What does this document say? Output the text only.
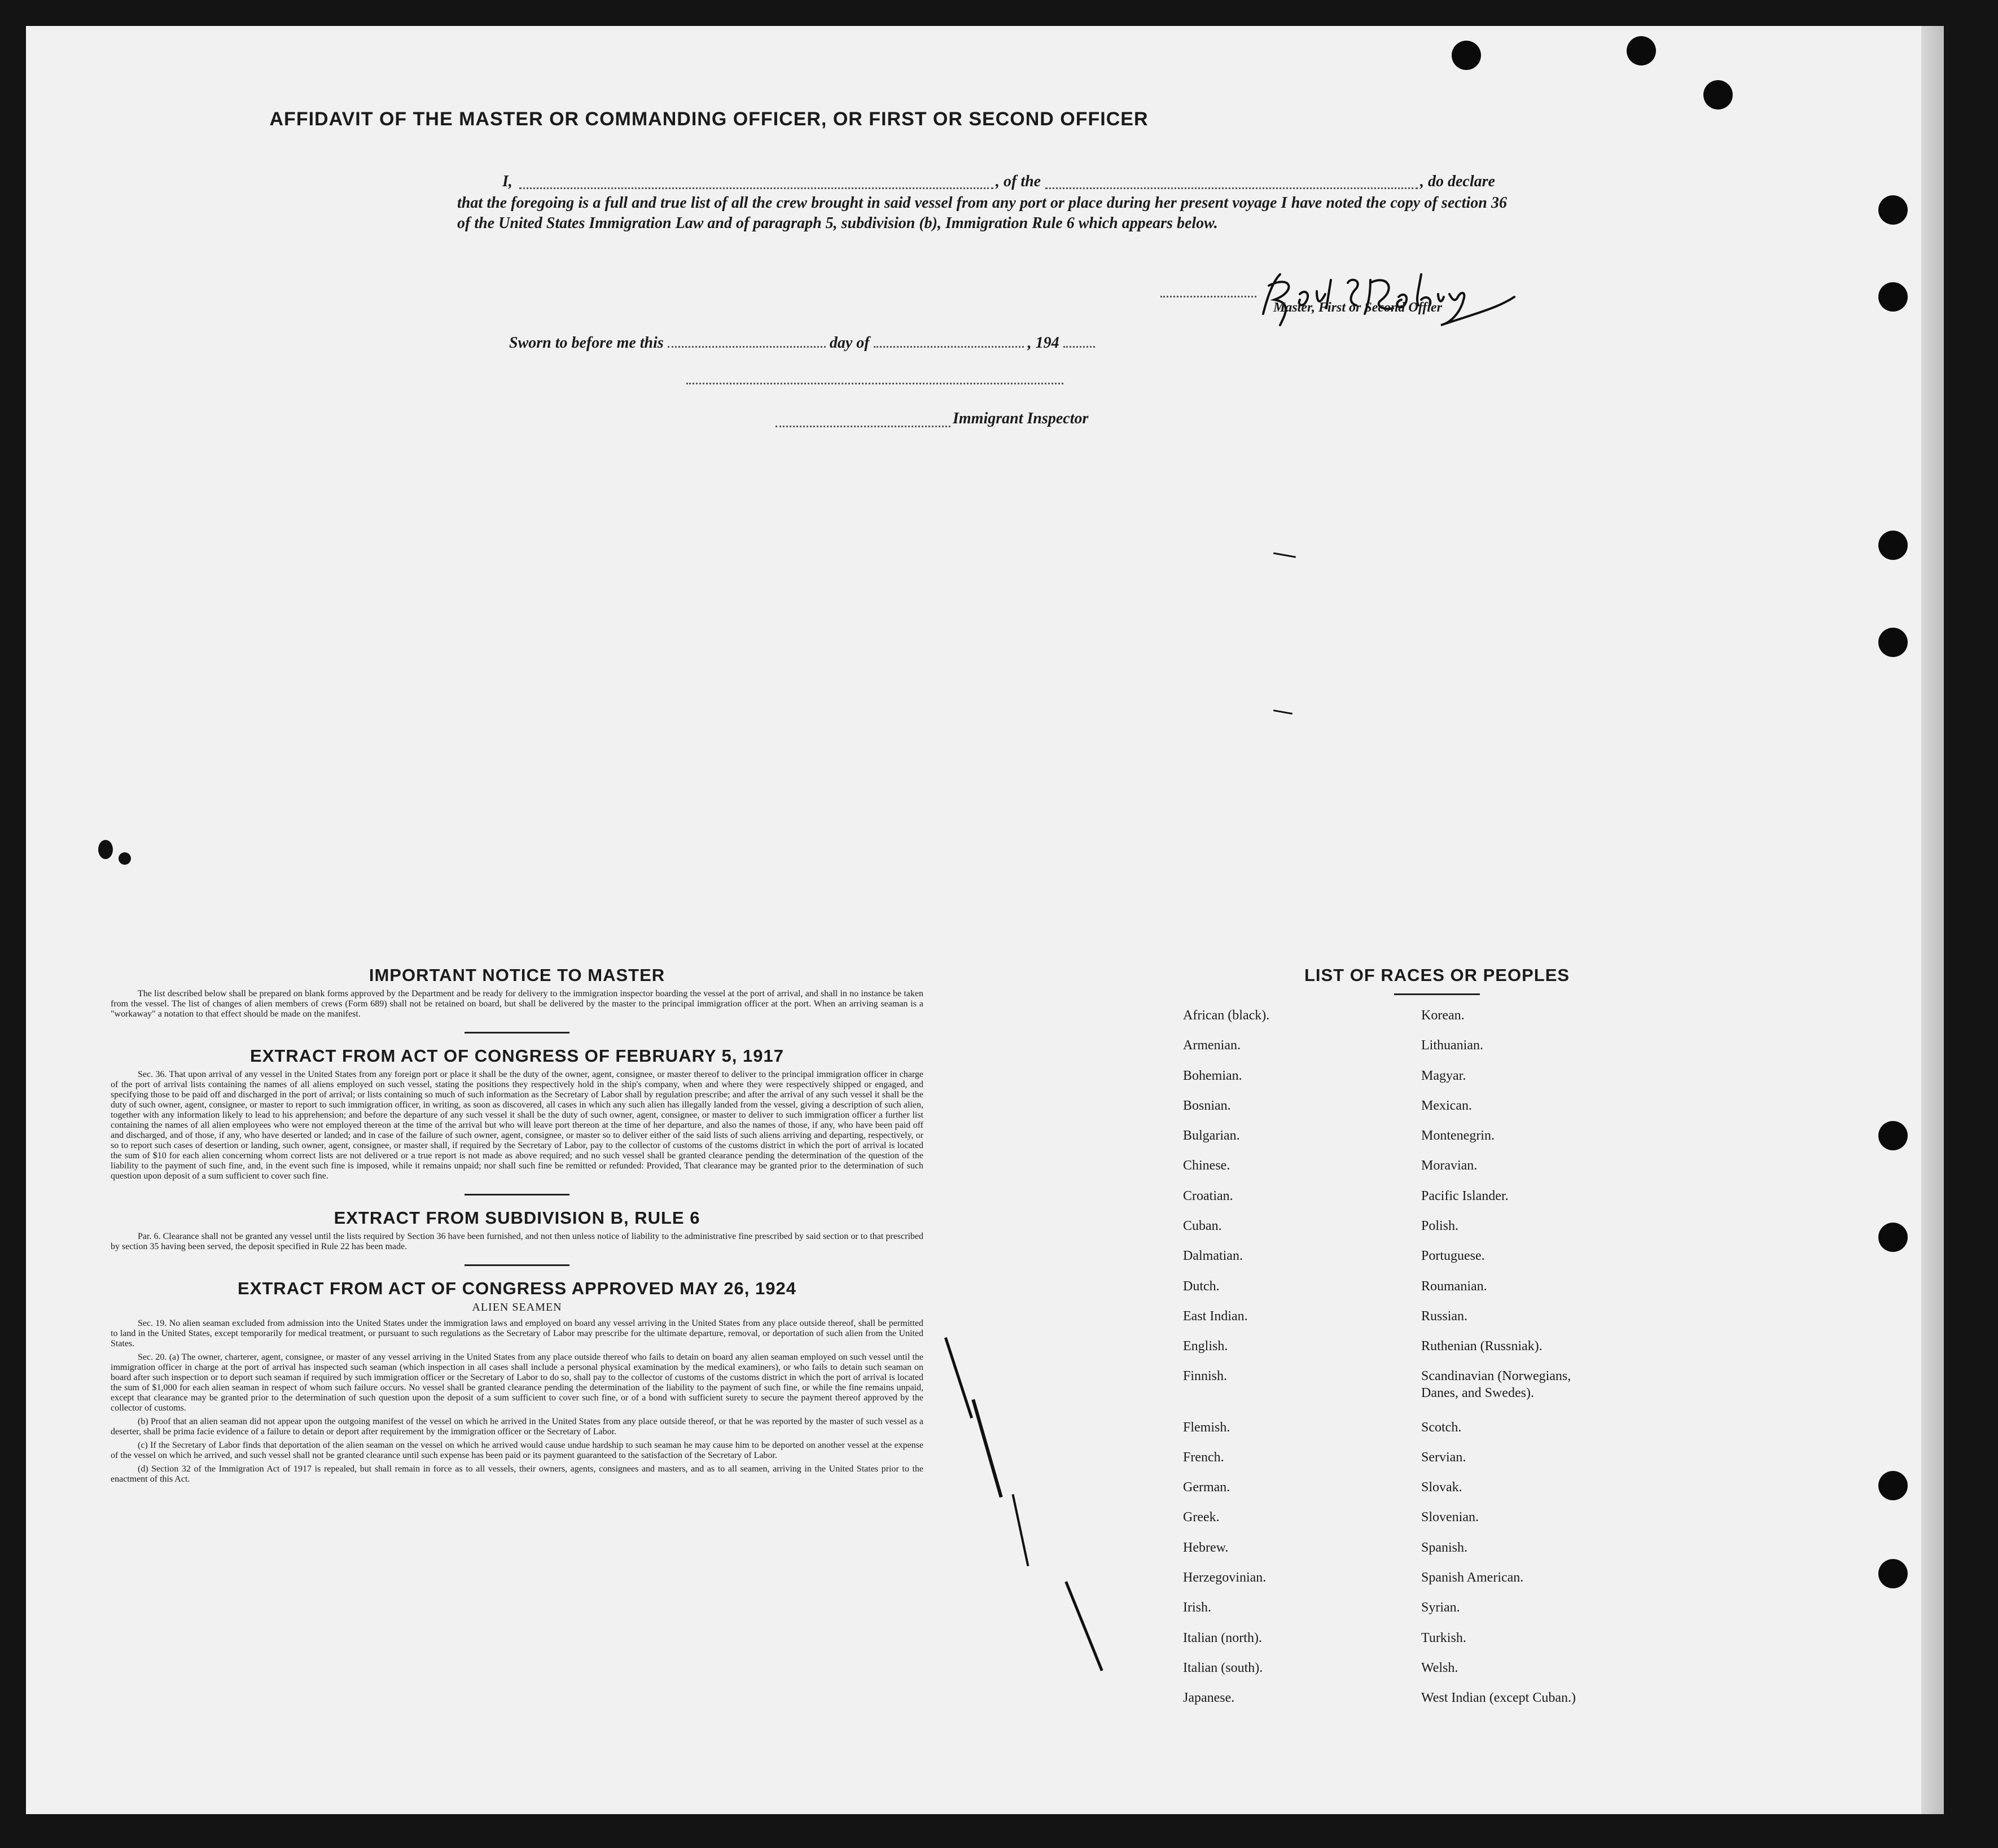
AFFIDAVIT OF THE MASTER OR COMMANDING OFFICER, OR FIRST OR SECOND OFFICER
I,	, of the	, do declare
that the foregoing is a full and true list of all the crew brought in said vessel from any port or place during her present voyage I have noted the copy of section 36 of the United States Immigration Law and of paragraph 5, subdivision (b), Immigration Rule 6 which appears below.
Master, First or Second Offier
Sworn to before me this	day of	, 194
Immigrant Inspector
IMPORTANT NOTICE TO MASTER

The list described below shall be prepared on blank forms approved by the Department and be ready for delivery to the immigration inspector boarding the vessel at the port of arrival, and shall in no instance be taken from the vessel. The list of changes of alien members of crews (Form 689) shall not be retained on board, but shall be delivered by the master to the principal immigration officer at the port. When an arriving seaman is a "workaway" a notation to that effect should be made on the manifest.

EXTRACT FROM ACT OF CONGRESS OF FEBRUARY 5, 1917

Sec. 36. That upon arrival of any vessel in the United States from any foreign port or place it shall be the duty of the owner, agent, consignee, or master thereof to deliver to the principal immigration officer in charge of the port of arrival lists containing the names of all aliens employed on such vessel, stating the positions they respectively hold in the ship's company, when and where they were respectively shipped or engaged, and specifying those to be paid off and discharged in the port of arrival; or lists containing so much of such information as the Secretary of Labor shall by regulation prescribe; and after the arrival of any such vessel it shall be the duty of such owner, agent, consignee, or master to report to such immigration officer, in writing, as soon as discovered, all cases in which any such alien has illegally landed from the vessel, giving a description of such alien, together with any information likely to lead to his apprehension; and before the departure of any such vessel it shall be the duty of such owner, agent, consignee, or master to deliver to such immigration officer a further list containing the names of all alien employees who were not employed thereon at the time of the arrival but who will leave port thereon at the time of her departure, and also the names of those, if any, who have been paid off and discharged, and of those, if any, who have deserted or landed; and in case of the failure of such owner, agent, consignee, or master so to deliver either of the said lists of such aliens arriving and departing, respectively, or so to report such cases of desertion or landing, such owner, agent, consignee, or master shall, if required by the Secretary of Labor, pay to the collector of customs of the customs district in which the port of arrival is located the sum of $10 for each alien concerning whom correct lists are not delivered or a true report is not made as above required; and no such vessel shall be granted clearance pending the determination of the question of the liability to the payment of such fine, and, in the event such fine is imposed, while it remains unpaid; nor shall such fine be remitted or refunded: Provided, That clearance may be granted prior to the determination of such question upon deposit of a sum sufficient to cover such fine.

EXTRACT FROM SUBDIVISION B, RULE 6

Par. 6. Clearance shall not be granted any vessel until the lists required by Section 36 have been furnished, and not then unless notice of liability to the administrative fine prescribed by said section or to that prescribed by section 35 having been served, the deposit specified in Rule 22 has been made.

EXTRACT FROM ACT OF CONGRESS APPROVED MAY 26, 1924
ALIEN SEAMEN

Sec. 19. No alien seaman excluded from admission into the United States under the immigration laws and employed on board any vessel arriving in the United States from any place outside thereof, shall be permitted to land in the United States, except temporarily for medical treatment, or pursuant to such regulations as the Secretary of Labor may prescribe for the ultimate departure, removal, or deportation of such alien from the United States.

Sec. 20. (a) The owner, charterer, agent, consignee, or master of any vessel arriving in the United States from any place outside thereof who fails to detain on board any alien seaman employed on such vessel until the immigration officer in charge at the port of arrival has inspected such seaman (which inspection in all cases shall include a personal physical examination by the medical examiners), or who fails to detain such seaman on board after such inspection or to deport such seaman if required by such immigration officer or the Secretary of Labor to do so, shall pay to the collector of customs of the customs district in which the port of arrival is located the sum of $1,000 for each alien seaman in respect of whom such failure occurs. No vessel shall be granted clearance pending the determination of the liability to the payment of such fine, or while the fine remains unpaid, except that clearance may be granted prior to the determination of such question upon the deposit of a sum sufficient to cover such fine, or of a bond with sufficient surety to secure the payment thereof approved by the collector of customs.

(b) Proof that an alien seaman did not appear upon the outgoing manifest of the vessel on which he arrived in the United States from any place outside thereof, or that he was reported by the master of such vessel as a deserter, shall be prima facie evidence of a failure to detain or deport after requirement by the immigration officer or the Secretary of Labor.

(c) If the Secretary of Labor finds that deportation of the alien seaman on the vessel on which he arrived would cause undue hardship to such seaman he may cause him to be deported on another vessel at the expense of the vessel on which he arrived, and such vessel shall not be granted clearance until such expense has been paid or its payment guaranteed to the satisfaction of the Secretary of Labor.

(d) Section 32 of the Immigration Act of 1917 is repealed, but shall remain in force as to all vessels, their owners, agents, consignees and masters, and as to all seamen, arriving in the United States prior to the enactment of this Act.

LIST OF RACES OR PEOPLES
African (black).	Korean.
Armenian.	Lithuanian.
Bohemian.	Magyar.
Bosnian.	Mexican.
Bulgarian.	Montenegrin.
Chinese.	Moravian.
Croatian.	Pacific Islander.
Cuban.	Polish.
Dalmatian.	Portuguese.
Dutch.	Roumanian.
East Indian.	Russian.
English.	Ruthenian (Russniak).
Finnish.	Scandinavian (Norwegians,
Danes, and Swedes).
Flemish.	Scotch.
French.	Servian.
German.	Slovak.
Greek.	Slovenian.
Hebrew.	Spanish.
Herzegovinian.	Spanish American.
Irish.	Syrian.
Italian (north).	Turkish.
Italian (south).	Welsh.
Japanese.	West Indian (except Cuban.)
